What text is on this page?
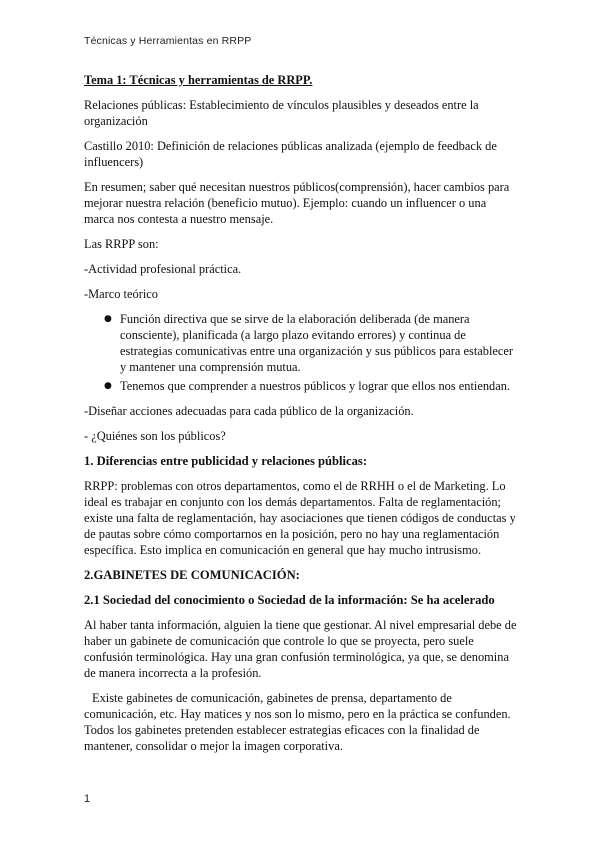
Técnicas y Herramientas en RRPP

Tema 1: Técnicas y herramientas de RRPP.

Relaciones públicas: Establecimiento de vínculos plausibles y deseados entre la organización

Castillo 2010: Definición de relaciones públicas analizada (ejemplo de feedback de influencers)

En resumen; saber qué necesitan nuestros públicos(comprensión), hacer cambios para mejorar nuestra relación (beneficio mutuo). Ejemplo: cuando un influencer o una marca nos contesta a nuestro mensaje.

Las RRPP son:

-Actividad profesional práctica.

-Marco teórico

● Función directiva que se sirve de la elaboración deliberada (de manera consciente), planificada (a largo plazo evitando errores) y continua de estrategias comunicativas entre una organización y sus públicos para establecer y mantener una comprensión mutua.
● Tenemos que comprender a nuestros públicos y lograr que ellos nos entiendan.

-Diseñar acciones adecuadas para cada público de la organización.

- ¿Quiénes son los públicos?

1. Diferencias entre publicidad y relaciones públicas:

RRPP: problemas con otros departamentos, como el de RRHH o el de Marketing. Lo ideal es trabajar en conjunto con los demás departamentos. Falta de reglamentación; existe una falta de reglamentación, hay asociaciones que tienen códigos de conductas y de pautas sobre cómo comportarnos en la posición, pero no hay una reglamentación específica. Esto implica en comunicación en general que hay mucho intrusismo.

2.GABINETES DE COMUNICACIÓN:

2.1 Sociedad del conocimiento o Sociedad de la información: Se ha acelerado

Al haber tanta información, alguien la tiene que gestionar. Al nivel empresarial debe de haber un gabinete de comunicación que controle lo que se proyecta, pero suele confusión terminológica. Hay una gran confusión terminológica, ya que, se denomina de manera incorrecta a la profesión.

Existe gabinetes de comunicación, gabinetes de prensa, departamento de comunicación, etc. Hay matices y nos son lo mismo, pero en la práctica se confunden. Todos los gabinetes pretenden establecer estrategias eficaces con la finalidad de mantener, consolidar o mejor la imagen corporativa.

1
